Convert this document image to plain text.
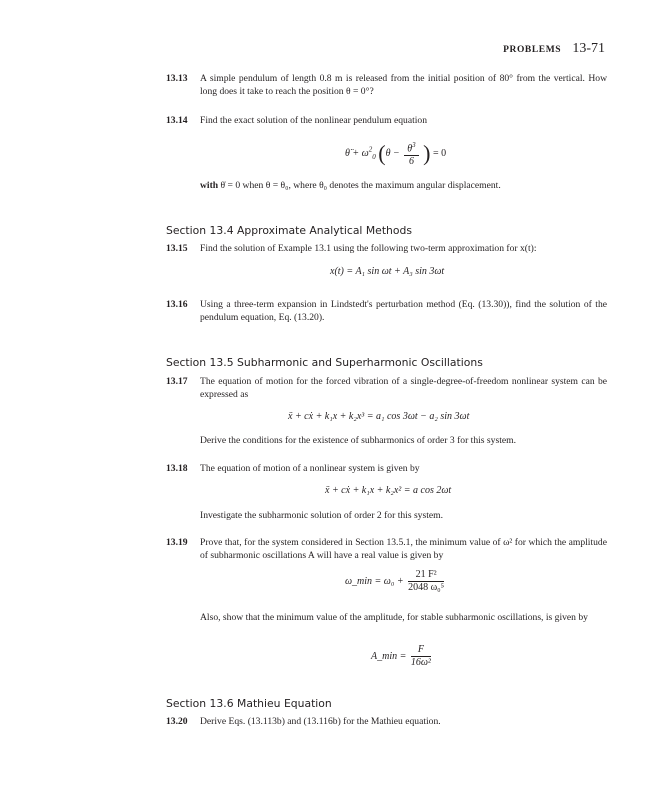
PROBLEMS 13-71
13.13 A simple pendulum of length 0.8 m is released from the initial position of 80° from the vertical. How long does it take to reach the position θ = 0°?
13.14 Find the exact solution of the nonlinear pendulum equation
θ̈ + $\omega^2_0$ ($\theta - \frac{\theta^3}{6}$ ) = 0
with θ̇ = 0 when θ = θ₀, where θ₀ denotes the maximum angular displacement.
Section 13.4 Approximate Analytical Methods
13.15 Find the solution of Example 13.1 using the following two-term approximation for x(t):
x(t) = A₁ sin ωt + A₃ sin 3ωt
13.16 Using a three-term expansion in Lindstedt's perturbation method (Eq. (13.30)), find the solution of the pendulum equation, Eq. (13.20).
Section 13.5 Subharmonic and Superharmonic Oscillations
13.17 The equation of motion for the forced vibration of a single-degree-of-freedom nonlinear system can be expressed as
ẍ + cẋ + k₁x + k₂x³ = a₁ cos 3ωt − a₂ sin 3ωt
Derive the conditions for the existence of subharmonics of order 3 for this system.
13.18 The equation of motion of a nonlinear system is given by
ẍ + cẋ + k₁x + k₂x² = a cos 2ωt
Investigate the subharmonic solution of order 2 for this system.
13.19 Prove that, for the system considered in Section 13.5.1, the minimum value of ω² for which the amplitude of subharmonic oscillations A will have a real value is given by
ω_min = $\omega_0 + \frac{\text{21 F²}}{\text{2048 ω₀⁵}}$
Also, show that the minimum value of the amplitude, for stable subharmonic oscillations, is given by
A_min = $\frac{F}{\text{16ω²}}$
Section 13.6 Mathieu Equation
13.20 Derive Eqs. (13.113b) and (13.116b) for the Mathieu equation.
